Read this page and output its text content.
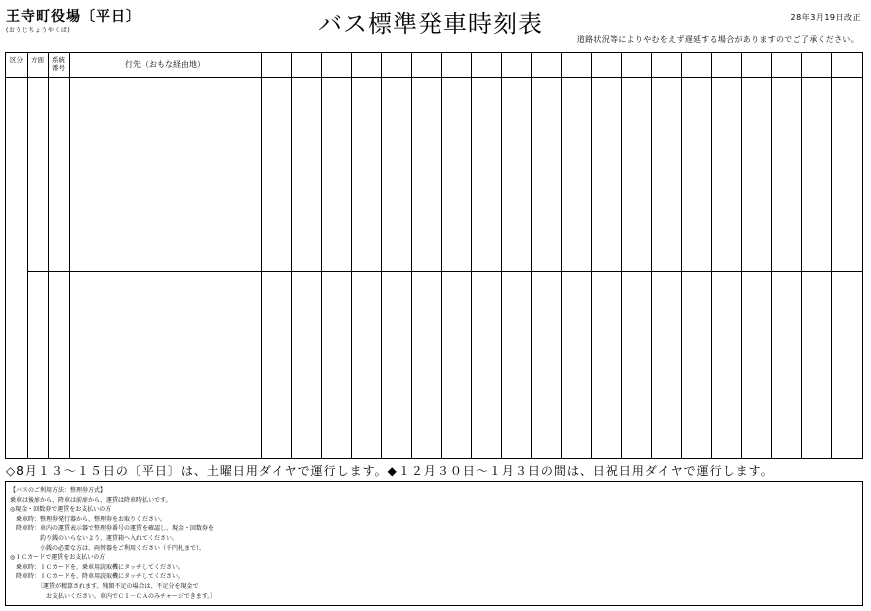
王寺町役場〔平日〕
(おうじちょうやくば)	バス標準発車時刻表	28年3月19日改正
道路状況等によりやむをえず遅延する場合がありますのでご了承ください。
区分	方面	系統番号	行先（おもな経由地）
◇8月１３～１５日の〔平日〕は、土曜日用ダイヤで運行します。◆１２月３０日～１月３日の間は、日祝日用ダイヤで運行します。
【バスのご利用方法：整理券方式】
乗車は後扉から、降車は前扉から、運賃は降車時払いです。
◎現金・回数券で運賃をお支払いの方
　乗車時：整理券発行器から、整理券をお取りください。
　降車時：車内の運賃表示器で整理券番号の運賃を確認し、現金・回数券を
　　　　　釣り銭のいらないよう、運賃箱へ入れてください。
　　　　　小銭の必要な方は、両替器をご利用ください（千円札まで）。
◎ＩＣカードで運賃をお支払いの方
　乗車時：ＩＣカードを、乗車用読取機にタッチしてください。
　降車時：ＩＣカードを、降車用読取機にタッチしてください。
　　　　　〔運賃が精算されます。残額不足の場合は、不足分を現金で
　　　　　　お支払いください。車内でＣＩ－ＣＡのみチャージできます。〕
